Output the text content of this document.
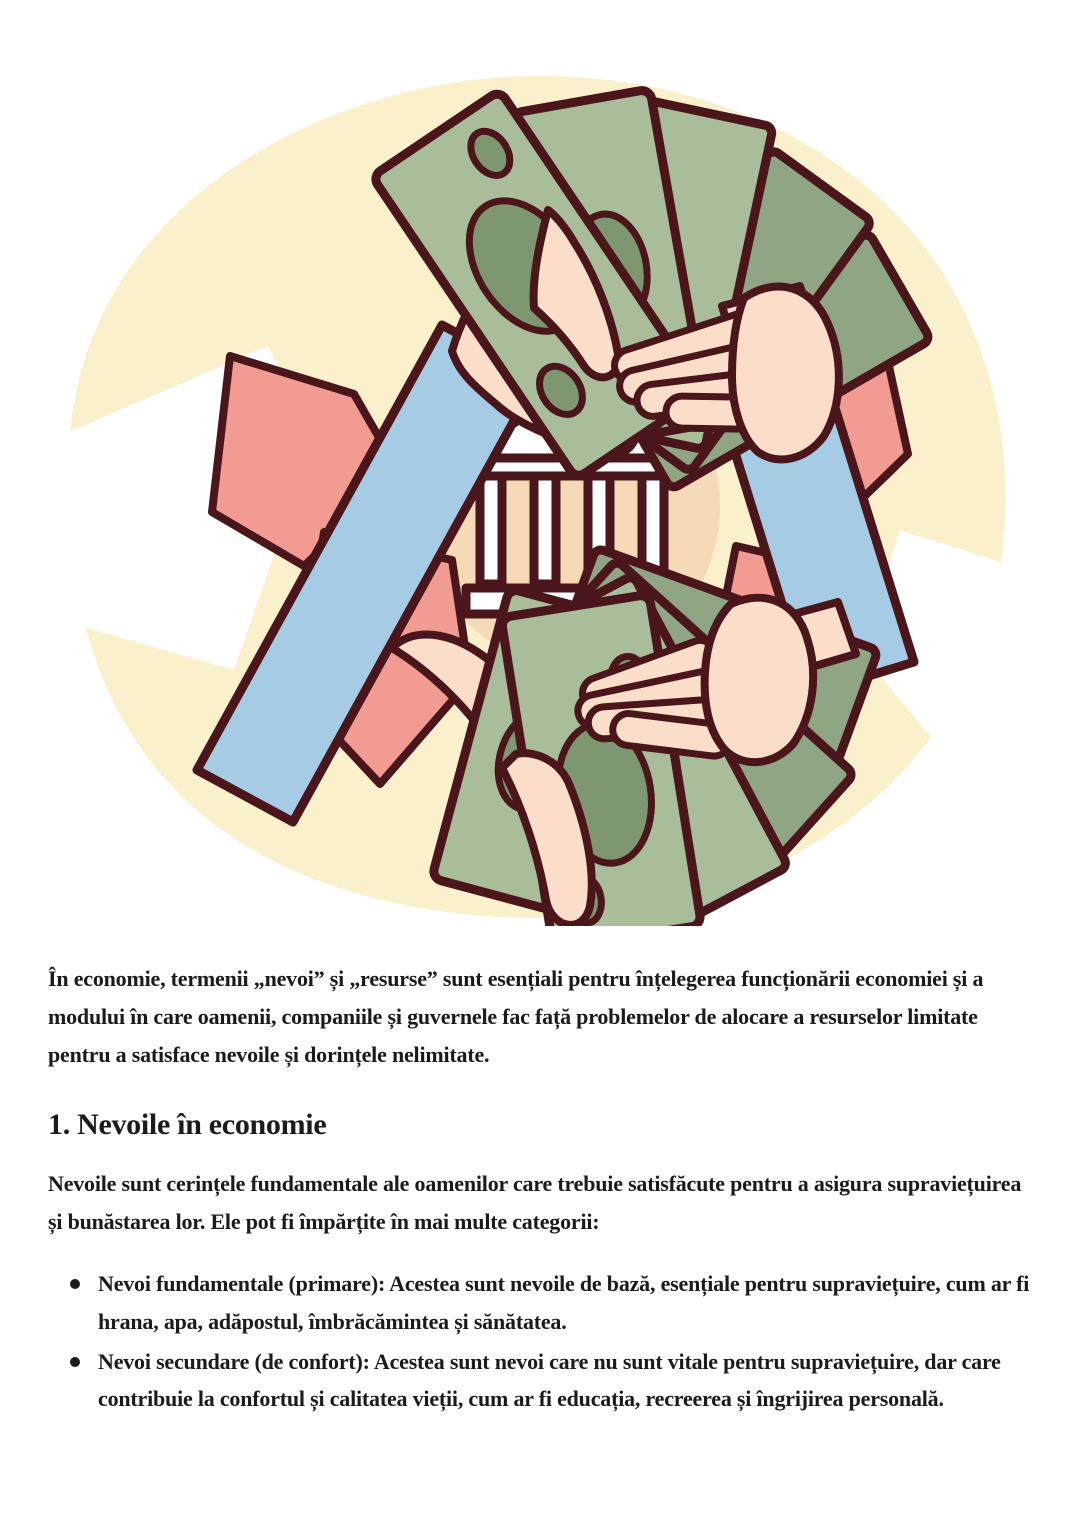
În economie, termenii „nevoi” și „resurse” sunt esențiali pentru înțelegerea funcționării economiei și a modului în care oamenii, companiile și guvernele fac față problemelor de alocare a resurselor limitate pentru a satisface nevoile și dorințele nelimitate.

1. Nevoile în economie

Nevoile sunt cerințele fundamentale ale oamenilor care trebuie satisfăcute pentru a asigura supraviețuirea și bunăstarea lor. Ele pot fi împărțite în mai multe categorii:

Nevoi fundamentale (primare): Acestea sunt nevoile de bază, esențiale pentru supraviețuire, cum ar fi hrana, apa, adăpostul, îmbrăcămintea și sănătatea.
Nevoi secundare (de confort): Acestea sunt nevoi care nu sunt vitale pentru supraviețuire, dar care contribuie la confortul și calitatea vieții, cum ar fi educația, recreerea și îngrijirea personală.
